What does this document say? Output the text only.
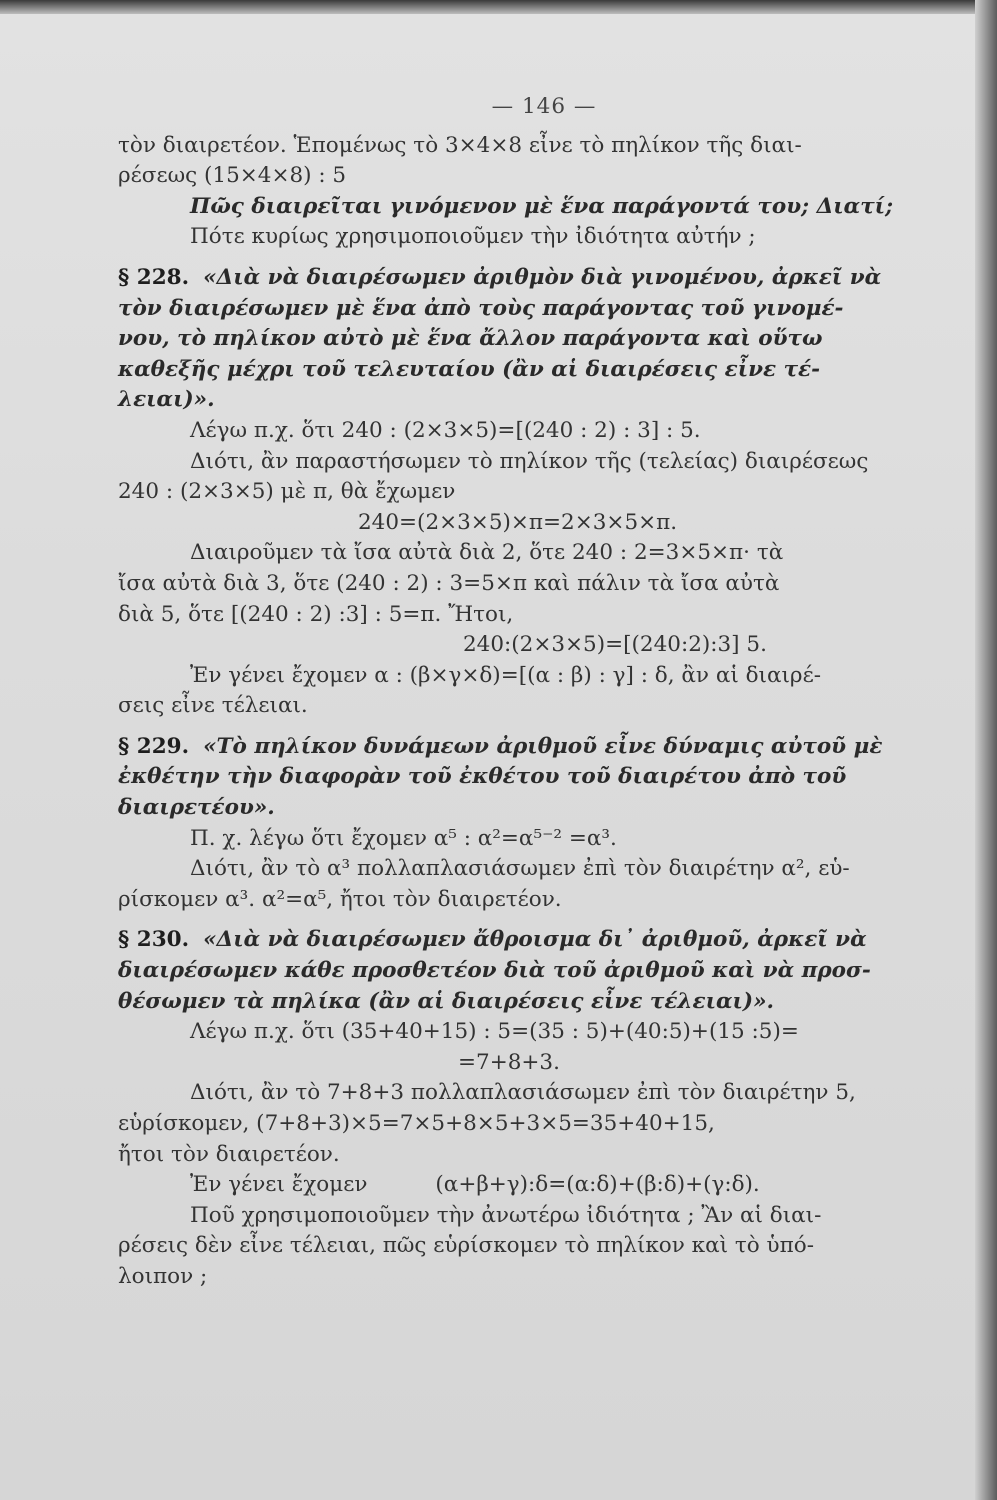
— 146 —
τὸν διαιρετέον. Ἑπομένως τὸ 3×4×8 εἶνε τὸ πηλίκον τῆς διαι-
ρέσεως (15×4×8) : 5
Πῶς διαιρεῖται γινόμενον μὲ ἕνα παράγοντά του; Διατί;
Πότε κυρίως χρησιμοποιοῦμεν τὴν ἰδιότητα αὐτήν ;
§ 228. «Διὰ νὰ διαιρέσωμεν ἀριθμὸν διὰ γινομένου, ἀρκεῖ νὰ
τὸν διαιρέσωμεν μὲ ἕνα ἀπὸ τοὺς παράγοντας τοῦ γινομέ-
νου, τὸ πηλίκον αὐτὸ μὲ ἕνα ἄλλον παράγοντα καὶ οὕτω
καθεξῆς μέχρι τοῦ τελευταίου (ἂν αἱ διαιρέσεις εἶνε τέ-
λειαι)».
Λέγω π.χ. ὅτι 240 : (2×3×5)=[(240 : 2) : 3] : 5.
Διότι, ἂν παραστήσωμεν τὸ πηλίκον τῆς (τελείας) διαιρέσεως
240 : (2×3×5) μὲ π, θὰ ἔχωμεν
240=(2×3×5)×π=2×3×5×π.
Διαιροῦμεν τὰ ἴσα αὐτὰ διὰ 2, ὅτε 240 : 2=3×5×π· τὰ
ἴσα αὐτὰ διὰ 3, ὅτε (240 : 2) : 3=5×π καὶ πάλιν τὰ ἴσα αὐτὰ
διὰ 5, ὅτε [(240 : 2) :3] : 5=π. Ἤτοι,
240:(2×3×5)=[(240:2):3] 5.
Ἐν γένει ἔχομεν α : (β×γ×δ)=[(α : β) : γ] : δ, ἂν αἱ διαιρέ-
σεις εἶνε τέλειαι.
§ 229. «Τὸ πηλίκον δυνάμεων ἀριθμοῦ εἶνε δύναμις αὐτοῦ μὲ
ἐκθέτην τὴν διαφορὰν τοῦ ἐκθέτου τοῦ διαιρέτου ἀπὸ τοῦ
διαιρετέου».
Π. χ. λέγω ὅτι ἔχομεν α⁵ : α²=α⁵⁻² =α³.
Διότι, ἂν τὸ α³ πολλαπλασιάσωμεν ἐπὶ τὸν διαιρέτην α², εὑ-
ρίσκομεν α³. α²=α⁵, ἤτοι τὸν διαιρετέον.
§ 230. «Διὰ νὰ διαιρέσωμεν ἄθροισμα δι᾿ ἀριθμοῦ, ἀρκεῖ νὰ
διαιρέσωμεν κάθε προσθετέον διὰ τοῦ ἀριθμοῦ καὶ νὰ προσ-
θέσωμεν τὰ πηλίκα (ἂν αἱ διαιρέσεις εἶνε τέλειαι)».
Λέγω π.χ. ὅτι (35+40+15) : 5=(35 : 5)+(40:5)+(15 :5)=
=7+8+3.
Διότι, ἂν τὸ 7+8+3 πολλαπλασιάσωμεν ἐπὶ τὸν διαιρέτην 5,
εὑρίσκομεν, (7+8+3)×5=7×5+8×5+3×5=35+40+15,
ἤτοι τὸν διαιρετέον.
Ἐν γένει ἔχομεν	(α+β+γ):δ=(α:δ)+(β:δ)+(γ:δ).
Ποῦ χρησιμοποιοῦμεν τὴν ἀνωτέρω ἰδιότητα ; Ἂν αἱ διαι-
ρέσεις δὲν εἶνε τέλειαι, πῶς εὑρίσκομεν τὸ πηλίκον καὶ τὸ ὑπό-
λοιπον ;
